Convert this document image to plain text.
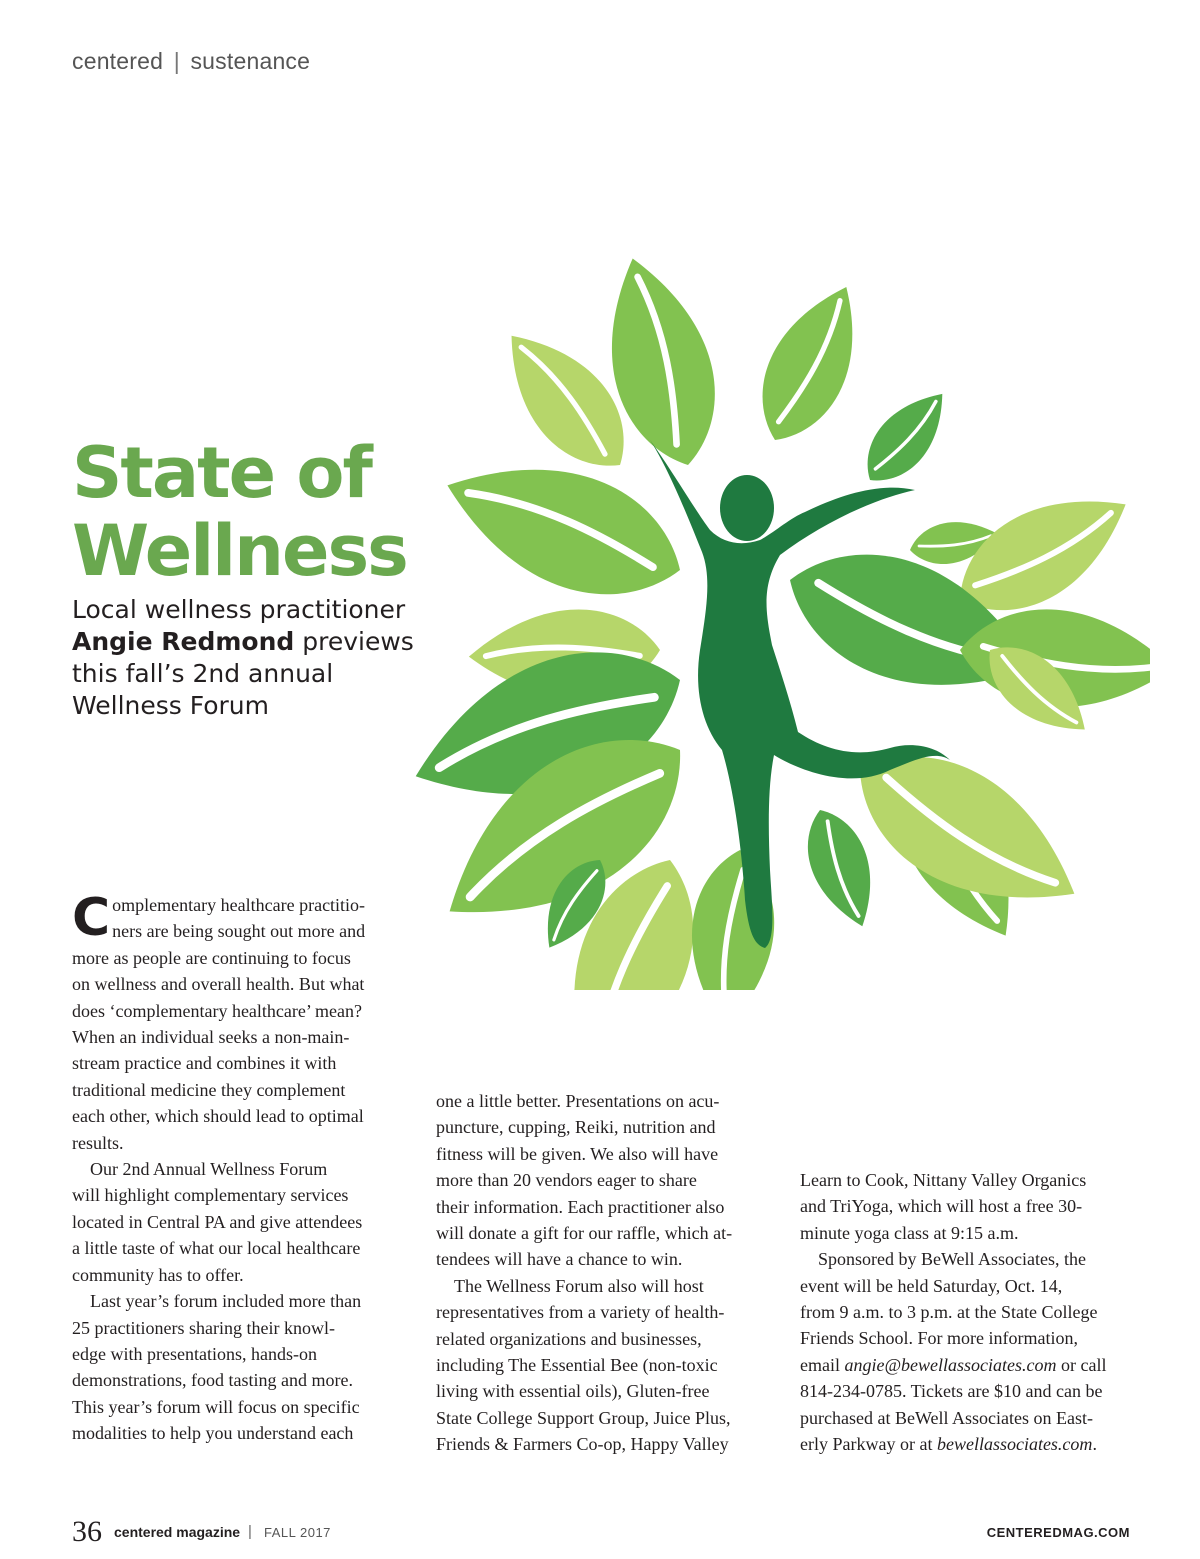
centered | sustenance
State of
Wellness

Local wellness practitioner
Angie Redmond previews
this fall’s 2nd annual
Wellness Forum

C omplementary healthcare practitio-
ners are being sought out more and
more as people are continuing to focus
on wellness and overall health. But what
does ‘complementary healthcare’ mean?
When an individual seeks a non-main-
stream practice and combines it with
traditional medicine they complement
each other, which should lead to optimal
results.

Our 2nd Annual Wellness Forum
will highlight complementary services
located in Central PA and give attendees
a little taste of what our local healthcare
community has to offer.

Last year’s forum included more than
25 practitioners sharing their knowl-
edge with presentations, hands-on
demonstrations, food tasting and more.
This year’s forum will focus on specific
modalities to help you understand each

one a little better. Presentations on acu-
puncture, cupping, Reiki, nutrition and
fitness will be given. We also will have
more than 20 vendors eager to share
their information. Each practitioner also
will donate a gift for our raffle, which at-
tendees will have a chance to win.

The Wellness Forum also will host
representatives from a variety of health-
related organizations and businesses,
including The Essential Bee (non-toxic
living with essential oils), Gluten-free
State College Support Group, Juice Plus,
Friends & Farmers Co-op, Happy Valley

Learn to Cook, Nittany Valley Organics
and TriYoga, which will host a free 30-
minute yoga class at 9:15 a.m.

Sponsored by BeWell Associates, the
event will be held Saturday, Oct. 14,
from 9 a.m. to 3 p.m. at the State College
Friends School. For more information,
email angie@bewellassociates.com or call
814-234-0785. Tickets are $10 and can be
purchased at BeWell Associates on East-
erly Parkway or at bewellassociates.com.

36 centered magazine | FALL 2017	CENTEREDMAG.COM
